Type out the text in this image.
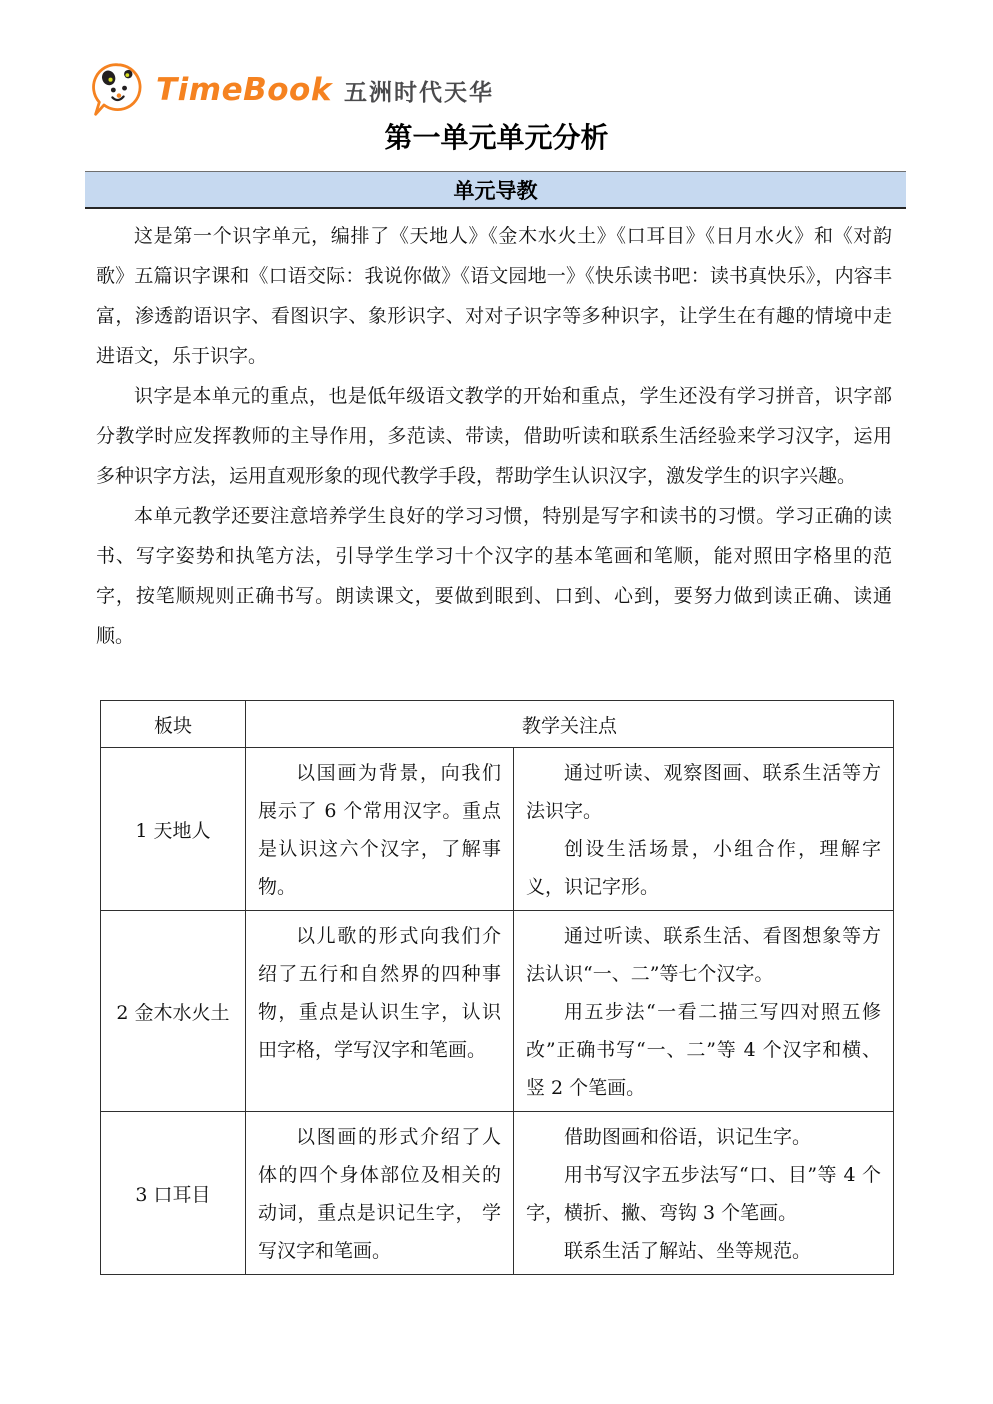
TimeBook 五洲时代天华
第一单元单元分析
单元导教

这是第一个识字单元，编排了《天地人》《金木水火土》《口耳目》《日月水火》和《对韵歌》五篇识字课和《口语交际：我说你做》《语文园地一》《快乐读书吧：读书真快乐》，内容丰富，渗透韵语识字、看图识字、象形识字、对对子识字等多种识字，让学生在有趣的情境中走进语文，乐于识字。

识字是本单元的重点，也是低年级语文教学的开始和重点，学生还没有学习拼音，识字部分教学时应发挥教师的主导作用，多范读、带读，借助听读和联系生活经验来学习汉字，运用多种识字方法，运用直观形象的现代教学手段，帮助学生认识汉字，激发学生的识字兴趣。

本单元教学还要注意培养学生良好的学习习惯，特别是写字和读书的习惯。学习正确的读书、写字姿势和执笔方法，引导学生学习十个汉字的基本笔画和笔顺，能对照田字格里的范字，按笔顺规则正确书写。朗读课文，要做到眼到、口到、心到，要努力做到读正确、读通顺。

板块	教学关注点	
1 天地人	以国画为背景，向我们展示了 6 个常用汉字。重点是认识这六个汉字，了解事物。	通过听读、观察图画、联系生活等方法识字。

创设生活场景，小组合作，理解字义，识记字形。

2 金木水火土	以儿歌的形式向我们介绍了五行和自然界的四种事物，重点是认识生字，认识田字格，学写汉字和笔画。	通过听读、联系生活、看图想象等方法认识“一、二”等七个汉字。

用五步法“一看二描三写四对照五修改”正确书写“一、二”等 4 个汉字和横、竖 2 个笔画。

3 口耳目	以图画的形式介绍了人体的四个身体部位及相关的动词，重点是识记生字， 学写汉字和笔画。	借助图画和俗语，识记生字。

用书写汉字五步法写“口、目”等 4 个字，横折、撇、弯钩 3 个笔画。

联系生活了解站、坐等规范。
